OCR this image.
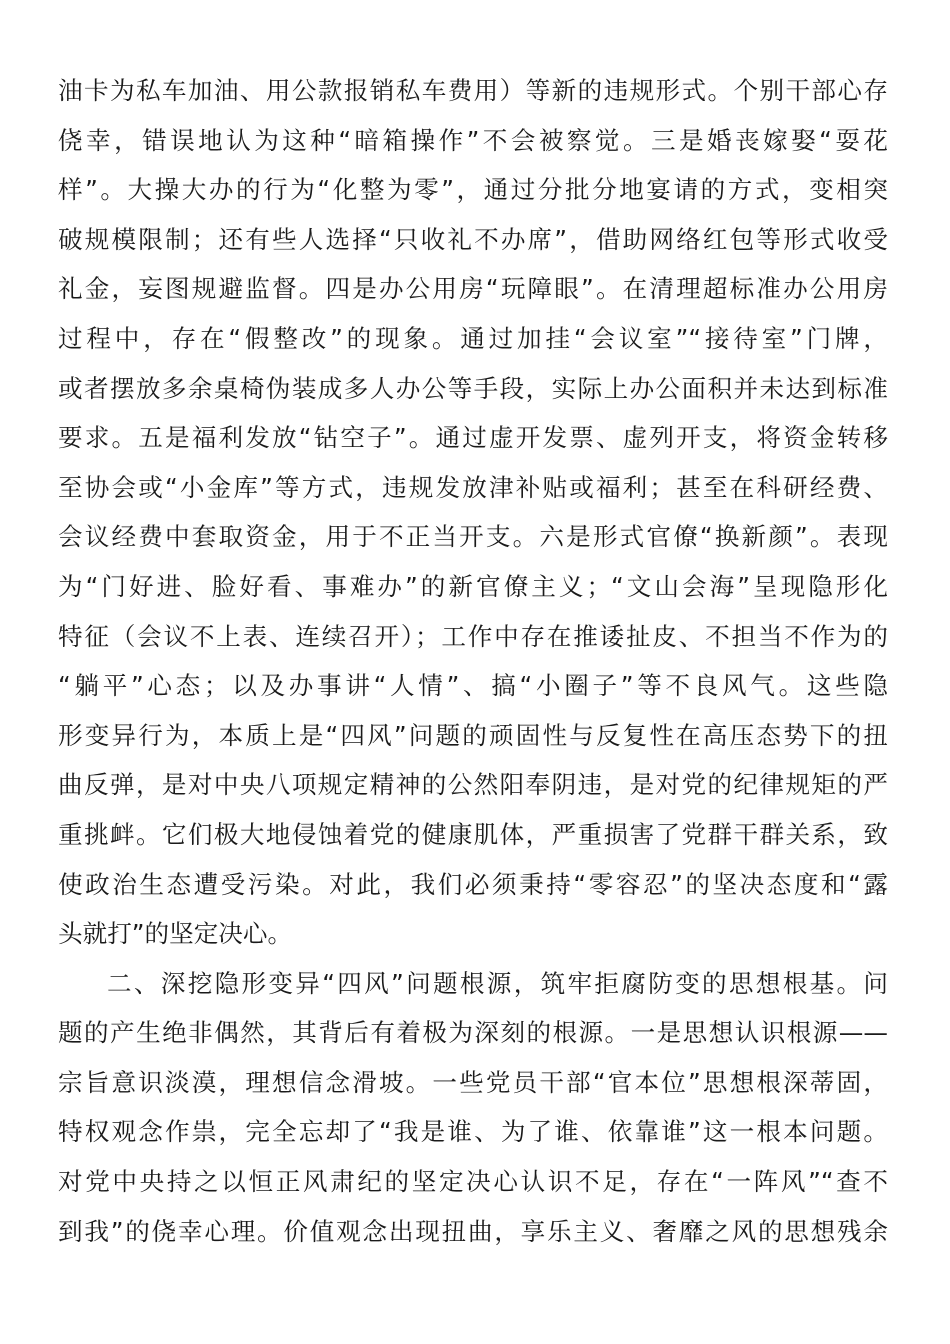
油卡为私车加油、用公款报销私车费用）等新的违规形式。个别干部心存
侥幸，错误地认为这种“暗箱操作”不会被察觉。三是婚丧嫁娶“耍花
样”。大操大办的行为“化整为零”，通过分批分地宴请的方式，变相突
破规模限制；还有些人选择“只收礼不办席”，借助网络红包等形式收受
礼金，妄图规避监督。四是办公用房“玩障眼”。在清理超标准办公用房
过程中，存在“假整改”的现象。通过加挂“会议室”“接待室”门牌，
或者摆放多余桌椅伪装成多人办公等手段，实际上办公面积并未达到标准
要求。五是福利发放“钻空子”。通过虚开发票、虚列开支，将资金转移
至协会或“小金库”等方式，违规发放津补贴或福利；甚至在科研经费、
会议经费中套取资金，用于不正当开支。六是形式官僚“换新颜”。表现
为“门好进、脸好看、事难办”的新官僚主义；“文山会海”呈现隐形化
特征（会议不上表、连续召开）；工作中存在推诿扯皮、不担当不作为的
“躺平”心态；以及办事讲“人情”、搞“小圈子”等不良风气。这些隐
形变异行为，本质上是“四风”问题的顽固性与反复性在高压态势下的扭
曲反弹，是对中央八项规定精神的公然阳奉阴违，是对党的纪律规矩的严
重挑衅。它们极大地侵蚀着党的健康肌体，严重损害了党群干群关系，致
使政治生态遭受污染。对此，我们必须秉持“零容忍”的坚决态度和“露
头就打”的坚定决心。
二、深挖隐形变异“四风”问题根源，筑牢拒腐防变的思想根基。问
题的产生绝非偶然，其背后有着极为深刻的根源。一是思想认识根源——
宗旨意识淡漠，理想信念滑坡。一些党员干部“官本位”思想根深蒂固，
特权观念作祟，完全忘却了“我是谁、为了谁、依靠谁”这一根本问题。
对党中央持之以恒正风肃纪的坚定决心认识不足，存在“一阵风”“查不
到我”的侥幸心理。价值观念出现扭曲，享乐主义、奢靡之风的思想残余
